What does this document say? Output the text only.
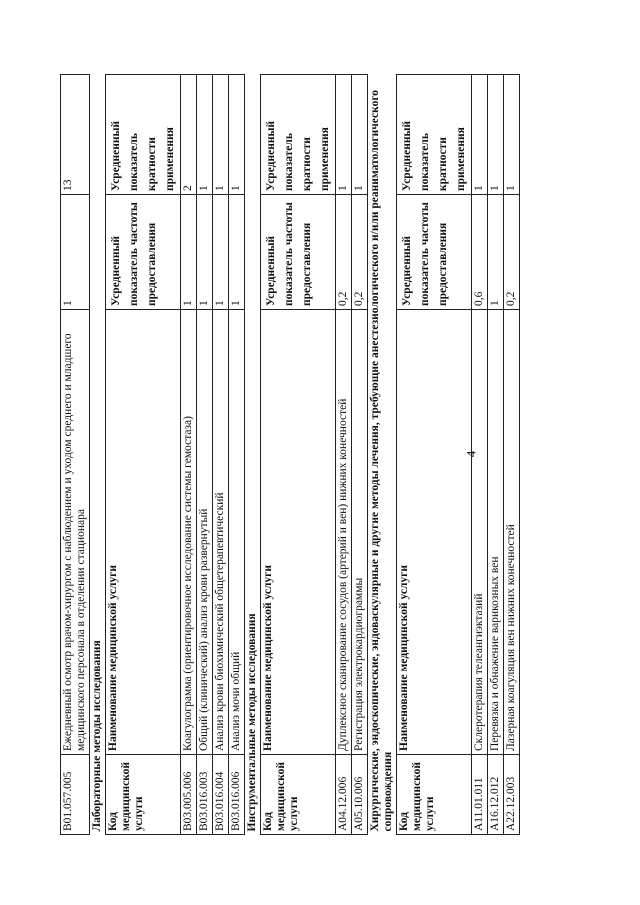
4
B01.057.005	Ежедневный осмотр врачом-хирургом с наблюдением и уходом среднего и младшего медицинского персонала в отделении стационара	1	13
Лабораторные методы исследования			

Код медицинской услуги	Наименование медицинской услуги	Усредненный показатель частоты предоставления	Усредненный показатель кратности применения

B03.005.006	Коагулограмма (ориентировочное исследование системы гемостаза)	1	2

B03.016.003	Общий (клинический) анализ крови развернутый	1	1

B03.016.004	Анализ крови биохимический общетерапевтический	1	1

B03.016.006	Анализ мочи общий	1	1

Инструментальные методы исследования			

Код медицинской услуги	Наименование медицинской услуги	Усредненный показатель частоты предоставления	Усредненный показатель кратности применения

A04.12.006	Дуплексное сканирование сосудов (артерий и вен) нижних конечностей	0,2	1

A05.10.006	Регистрация электрокардиограммы	0,2	1

Хирургические, эндоскопические, эндоваскулярные и другие методы лечения, требующие анестезиологического и/или реаниматологического сопровождения			

Код медицинской услуги	Наименование медицинской услуги	Усредненный показатель частоты предоставления	Усредненный показатель кратности применения

A11.01.011	Склеротерапия телеангиэктазий	0,6	1

A16.12.012	Перевязка и обнажение варикозных вен	1	1

A22.12.003	Лазерная коагуляция вен нижних конечностей	0,2	1
